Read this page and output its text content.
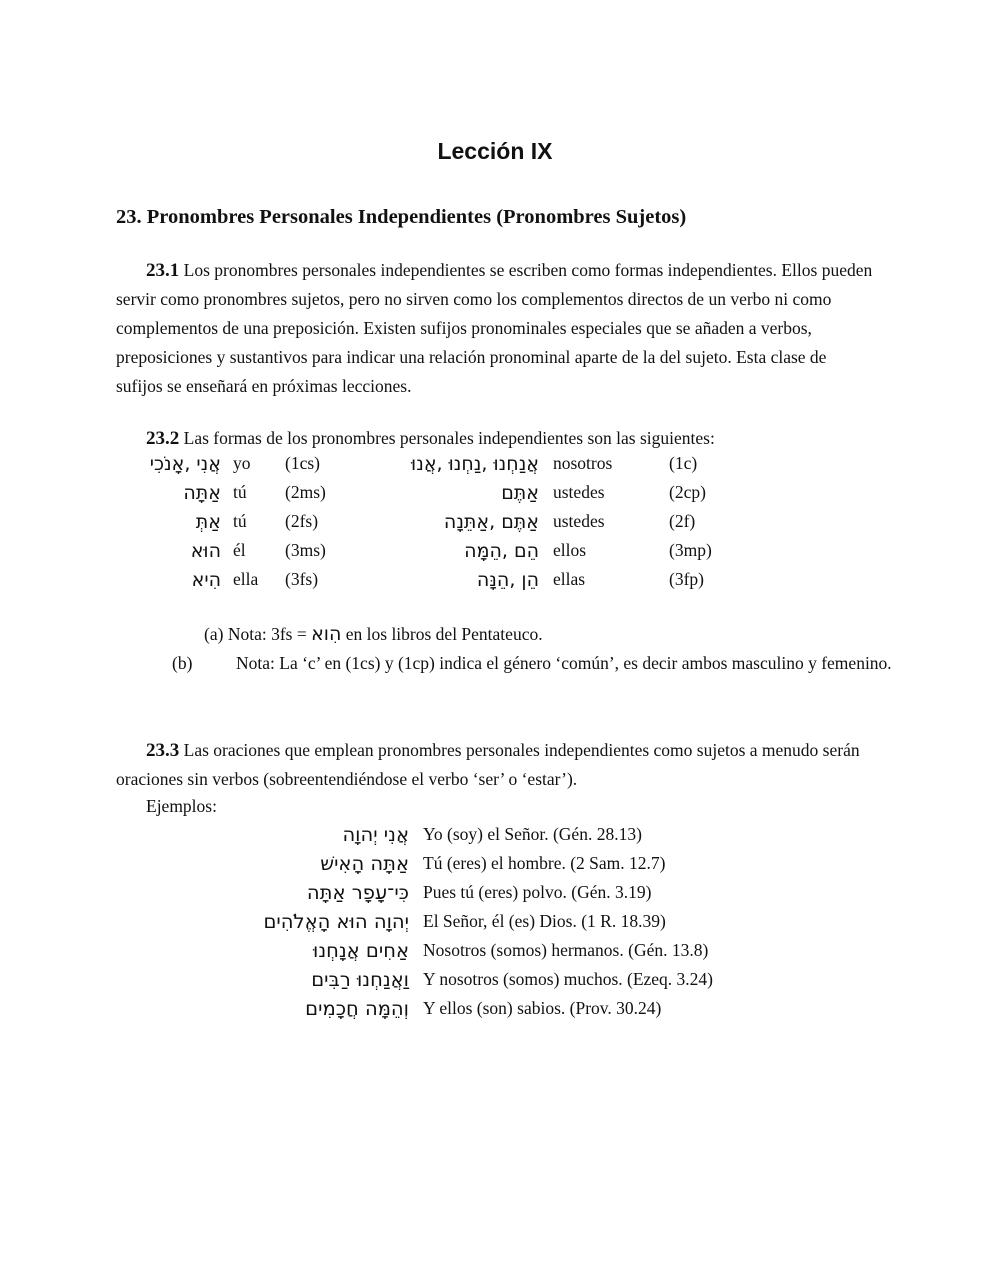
Lección IX
23. Pronombres Personales Independientes (Pronombres Sujetos)
23.1 Los pronombres personales independientes se escriben como formas independientes. Ellos pueden servir como pronombres sujetos, pero no sirven como los complementos directos de un verbo ni como complementos de una preposición. Existen sufijos pronominales especiales que se añaden a verbos, preposiciones y sustantivos para indicar una relación pronominal aparte de la del sujeto. Esta clase de sufijos se enseñará en próximas lecciones.
23.2 Las formas de los pronombres personales independientes son las siguientes:
אֲנִי ,אָנֹכִי yo (1cs)	אֲנַחְנוּ ,נַחְנוּ ,אֲנוּ nosotros	(1c)
אַתָּה tú (2ms)	אַתֶּם ustedes	(2cp)
אַתְּ tú (2fs)	אַתֶּם ,אַתֵּנָה ustedes	(2f)
הוּא él (3ms)	הֵם ,הֵמָּה ellos	(3mp)
הִיא ella (3fs)	הֵן ,הֵנָּה ellas	(3fp)
(a) Nota: 3fs = הִוא en los libros del Pentateuco.
(b) Nota: La ‘c’ en (1cs) y (1cp) indica el género ‘común’, es decir ambos masculino y femenino.
23.3 Las oraciones que emplean pronombres personales independientes como sujetos a menudo serán oraciones sin verbos (sobreentendiéndose el verbo ‘ser’ o ‘estar’).
Ejemplos:
אֲנִי יְהוָה Yo (soy) el Señor. (Gén. 28.13)
אַתָּה הָאִישׁ Tú (eres) el hombre. (2 Sam. 12.7)
כִּי־עָפָר אַתָּה Pues tú (eres) polvo. (Gén. 3.19)
יְהוָה הוּא הָאֱלֹהִים El Señor, él (es) Dios. (1 R. 18.39)
אַחִים אֲנָחְנוּ Nosotros (somos) hermanos. (Gén. 13.8)
וַאֲנַחְנוּ רַבִּים Y nosotros (somos) muchos. (Ezeq. 3.24)
וְהֵמָּה חֲכָמִים Y ellos (son) sabios. (Prov. 30.24)
